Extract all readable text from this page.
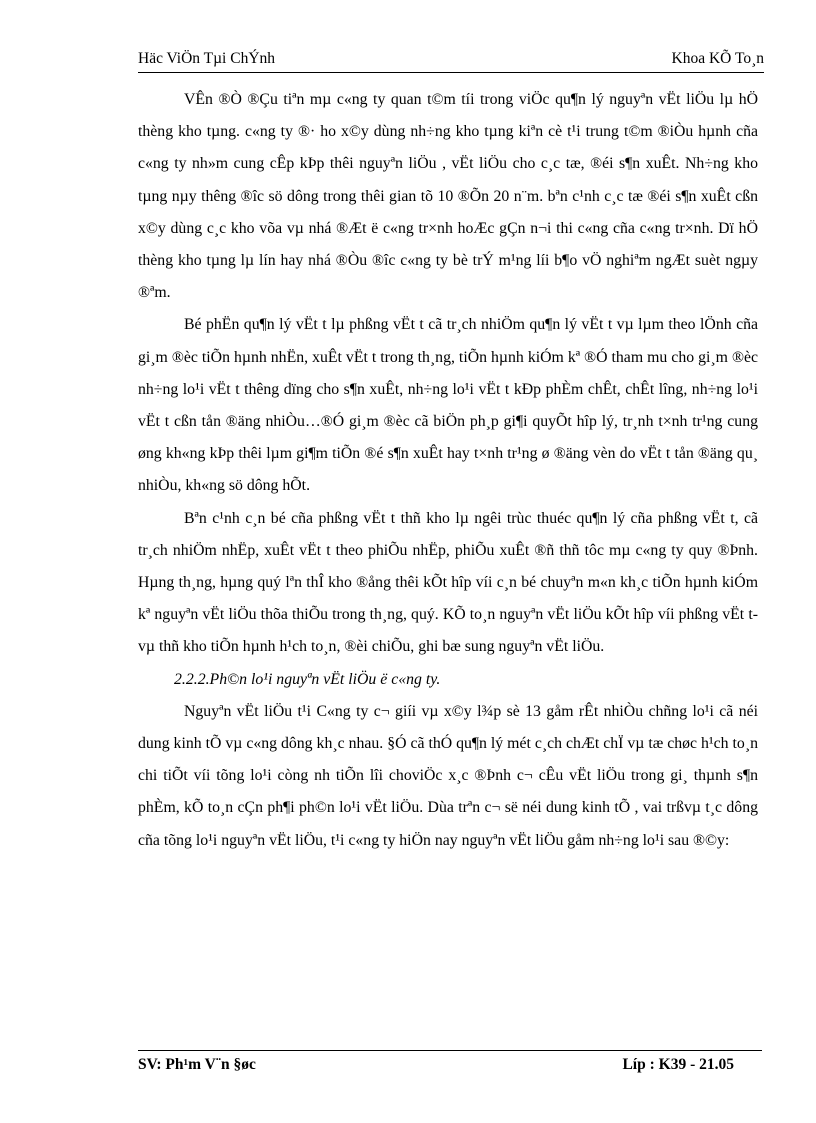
Häc ViÖn Tµi ChÝnh	Khoa KÕ To¸n

VÊn ®Ò ®Çu tiªn mµ c«ng ty quan t©m tíi trong viÖc qu¶n lý nguyªn vËt liÖu lµ hÖ thèng kho tµng. c«ng ty ®· ho x©y dùng nh÷ng kho tµng kiªn cè t¹i trung t©m ®iÒu hµnh cña c«ng ty nh»m cung cÊp kÞp thêi nguyªn liÖu , vËt liÖu cho c¸c tæ, ®éi s¶n xuÊt. Nh÷ng kho tµng nµy thêng ®îc sö dông trong thêi gian tõ 10 ®Õn 20 n¨m. bªn c¹nh c¸c tæ ®éi s¶n xuÊt cßn x©y dùng c¸c kho võa vµ nhá ®Æt ë c«ng tr×nh hoÆc gÇn n¬i thi c«ng cña c«ng tr×nh. Dï hÖ thèng kho tµng lµ lín hay nhá ®Òu ®îc c«ng ty bè trÝ m¹ng líi b¶o vÖ nghiªm ngÆt suèt ngµy ®ªm.

Bé phËn qu¶n lý vËt t lµ phßng vËt t cã tr¸ch nhiÖm qu¶n lý vËt t vµ lµm theo lÖnh cña gi¸m ®èc tiÕn hµnh nhËn, xuÊt vËt t trong th¸ng, tiÕn hµnh kiÓm kª ®Ó tham mu cho gi¸m ®èc nh÷ng lo¹i vËt t thêng dïng cho s¶n xuÊt, nh÷ng lo¹i vËt t kÐp phÈm chÊt, chÊt lîng, nh÷ng lo¹i vËt t cßn tån ®äng nhiÒu…®Ó gi¸m ®èc cã biÖn ph¸p gi¶i quyÕt hîp lý, tr¸nh t×nh tr¹ng cung øng kh«ng kÞp thêi lµm gi¶m tiÕn ®é s¶n xuÊt hay t×nh tr¹ng ø ®äng vèn do vËt t tån ®äng qu¸ nhiÒu, kh«ng sö dông hÕt.

Bªn c¹nh c¸n bé cña phßng vËt t thñ kho lµ ngêi trùc thuéc qu¶n lý cña phßng vËt t, cã tr¸ch nhiÖm nhËp, xuÊt vËt t theo phiÕu nhËp, phiÕu xuÊt ®ñ thñ tôc mµ c«ng ty quy ®Þnh. Hµng th¸ng, hµng quý lªn thÎ kho ®ång thêi kÕt hîp víi c¸n bé chuyªn m«n kh¸c tiÕn hµnh kiÓm kª nguyªn vËt liÖu thõa thiÕu trong th¸ng, quý. KÕ to¸n nguyªn vËt liÖu kÕt hîp víi phßng vËt t vµ thñ kho tiÕn hµnh h¹ch to¸n, ®èi chiÕu, ghi bæ sung nguyªn vËt liÖu.

2.2.2.Ph©n lo¹i nguyªn vËt liÖu ë c«ng ty.

Nguyªn vËt liÖu t¹i C«ng ty c¬ giíi vµ x©y l¾p sè 13 gåm rÊt nhiÒu chñng lo¹i cã néi dung kinh tÕ vµ c«ng dông kh¸c nhau. §Ó cã thÓ qu¶n lý mét c¸ch chÆt chÏ vµ tæ chøc h¹ch to¸n chi tiÕt víi tõng lo¹i còng nh tiÕn lîi choviÖc x¸c ®Þnh c¬ cÊu vËt liÖu trong gi¸ thµnh s¶n phÈm, kÕ to¸n cÇn ph¶i ph©n lo¹i vËt liÖu. Dùa trªn c¬ së néi dung kinh tÕ , vai trßvµ t¸c dông cña tõng lo¹i nguyªn vËt liÖu, t¹i c«ng ty hiÖn nay nguyªn vËt liÖu gåm nh÷ng lo¹i sau ®©y:

SV: Ph¹m V¨n §øc	Líp : K39 - 21.05
